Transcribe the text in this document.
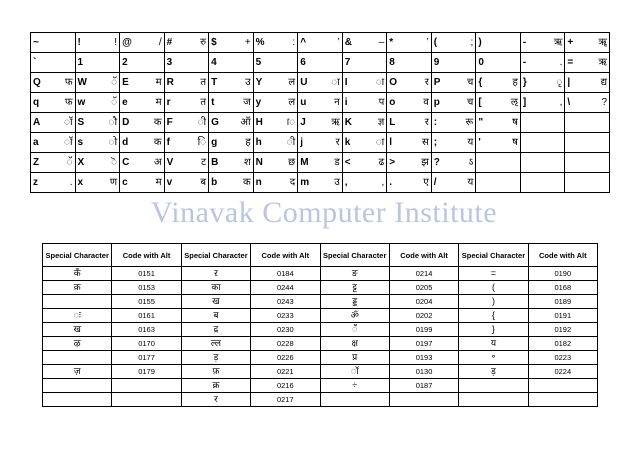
~	! !	@ /	# रु	$ +	% :	^ ’	& –	* ’	( ;	)	- ऋ	+ ॠ

`	1	2	3	4	5	6	7	8	9	0	- .	= ऋ

Q फ	W ॅ	E म	R त	T उ	Y ल	U ा	I ा	O र	P च	{ ह	} ृ	| द्य

q फ	w ॅ	e म	r त	t ज	y ल	u न	i प	o व	p च	[ ऌ	] ,	\ ?

A ॉ	S ौ	D क	F ी	G ऑ	H ॎ	J ऋ	K ज्ञ	L र	: रू	" ष		

a ॉ	s ो	d क	f ि	g ह	h ी	j र	k ा	l स	; य	' ष		

Z ॅ	X ॆ	C अ	V ट	B श	N छ	M ड	< ढ	> झ	? ऽ			

z .	x ण	c म	v ब	b क	n द	m उ	, ,	. ए	/ य			

Vinavak Computer Institute
Special Character	Code with Alt	Special Character	Code with Alt	Special Character	Code with Alt	Special Character	Code with Alt
कँ	0151	ऱ	0184	ङ	0214	=	0190
क़	0153	का	0244	ट्ट	0205	(	0168
	0155	ख	0243	ड्ड	0204	)	0189
ः	0161	ब	0233	ॐ	0202	{	0191
ख	0163	द्र	0230	ॕ	0199	}	0192
ऴ	0170	ल्ल	0228	क्ष	0197	य	0182
	0177	ड़	0226	प्र	0193	॰	0223
ज़	0179	फ़	0221	ॉ	0130	ड़	0224
		क्र	0216	÷	0187		
		र	0217				
